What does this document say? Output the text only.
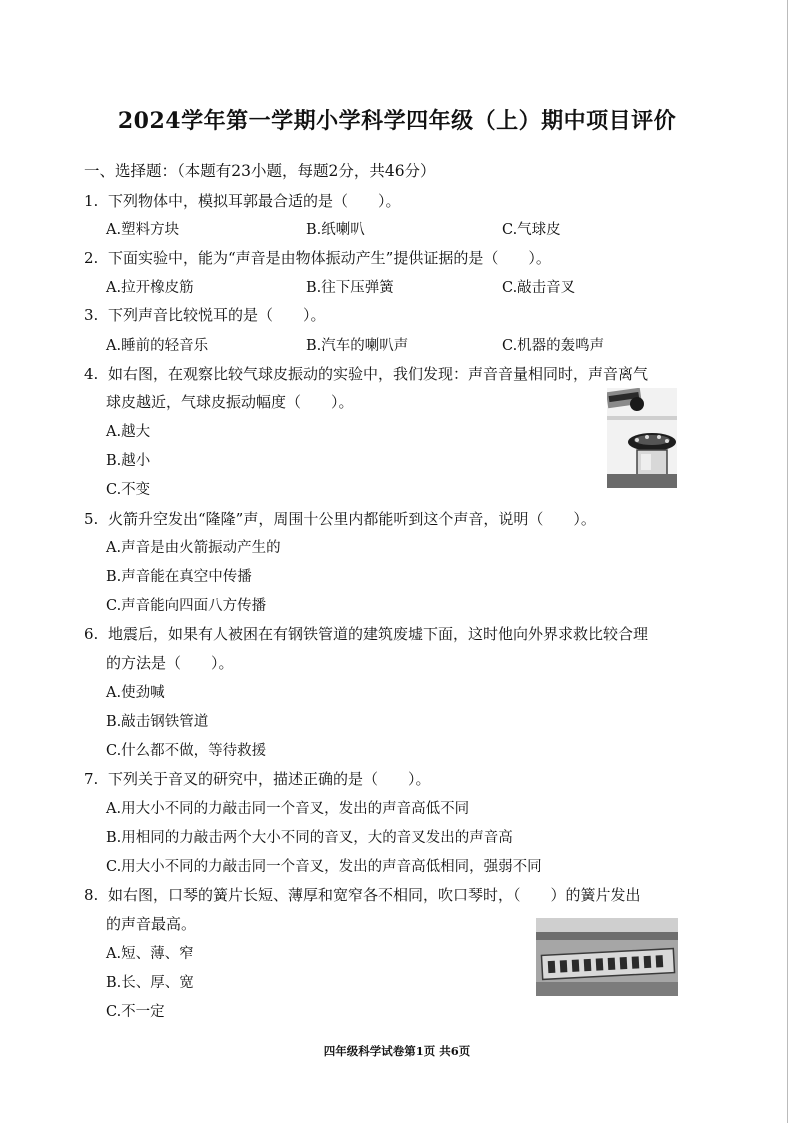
2024学年第一学期小学科学四年级（上）期中项目评价
一、选择题：（本题有23小题，每题2分，共46分）
1. 下列物体中，模拟耳郭最合适的是（　　）。
A.塑料方块	B.纸喇叭	C.气球皮
2. 下面实验中，能为“声音是由物体振动产生”提供证据的是（　　）。
A.拉开橡皮筋	B.往下压弹簧	C.敲击音叉
3. 下列声音比较悦耳的是（　　）。
A.睡前的轻音乐	B.汽车的喇叭声	C.机器的轰鸣声
4. 如右图，在观察比较气球皮振动的实验中，我们发现：声音音量相同时，声音离气
球皮越近，气球皮振动幅度（　　）。
A.越大
B.越小
C.不变
5. 火箭升空发出“隆隆”声，周围十公里内都能听到这个声音，说明（　　）。
A.声音是由火箭振动产生的
B.声音能在真空中传播
C.声音能向四面八方传播
6. 地震后，如果有人被困在有钢铁管道的建筑废墟下面，这时他向外界求救比较合理
的方法是（　　）。
A.使劲喊
B.敲击钢铁管道
C.什么都不做，等待救援
7. 下列关于音叉的研究中，描述正确的是（　　）。
A.用大小不同的力敲击同一个音叉，发出的声音高低不同
B.用相同的力敲击两个大小不同的音叉，大的音叉发出的声音高
C.用大小不同的力敲击同一个音叉，发出的声音高低相同，强弱不同
8. 如右图，口琴的簧片长短、薄厚和宽窄各不相同，吹口琴时，（　　）的簧片发出
的声音最高。
A.短、薄、窄
B.长、厚、宽
C.不一定
四年级科学试卷第1页 共6页
